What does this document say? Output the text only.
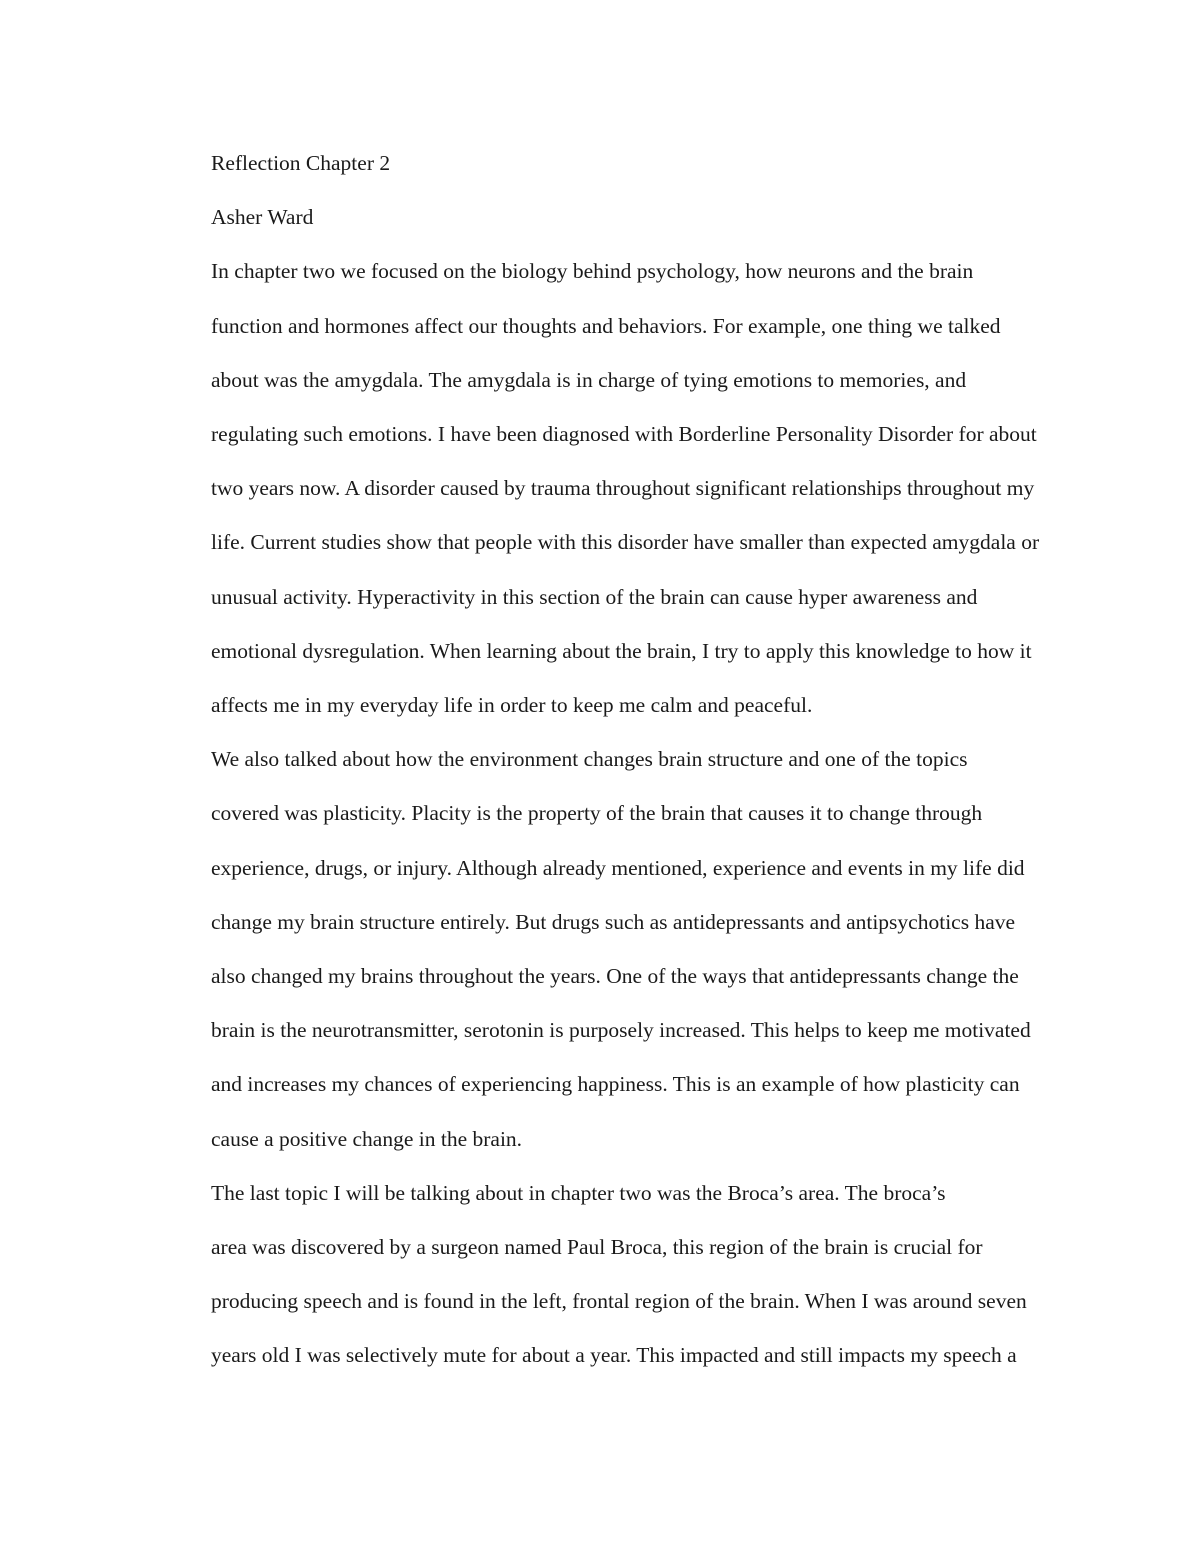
Reflection Chapter 2

Asher Ward

In chapter two we focused on the biology behind psychology, how neurons and the brain
function and hormones affect our thoughts and behaviors. For example, one thing we talked
about was the amygdala. The amygdala is in charge of tying emotions to memories, and
regulating such emotions. I have been diagnosed with Borderline Personality Disorder for about
two years now. A disorder caused by trauma throughout significant relationships throughout my
life. Current studies show that people with this disorder have smaller than expected amygdala or
unusual activity. Hyperactivity in this section of the brain can cause hyper awareness and
emotional dysregulation. When learning about the brain, I try to apply this knowledge to how it
affects me in my everyday life in order to keep me calm and peaceful.

We also talked about how the environment changes brain structure and one of the topics
covered was plasticity. Placity is the property of the brain that causes it to change through
experience, drugs, or injury. Although already mentioned, experience and events in my life did
change my brain structure entirely. But drugs such as antidepressants and antipsychotics have
also changed my brains throughout the years. One of the ways that antidepressants change the
brain is the neurotransmitter, serotonin is purposely increased. This helps to keep me motivated
and increases my chances of experiencing happiness. This is an example of how plasticity can
cause a positive change in the brain.

The last topic I will be talking about in chapter two was the Broca’s area. The broca’s
area was discovered by a surgeon named Paul Broca, this region of the brain is crucial for
producing speech and is found in the left, frontal region of the brain. When I was around seven
years old I was selectively mute for about a year. This impacted and still impacts my speech a
